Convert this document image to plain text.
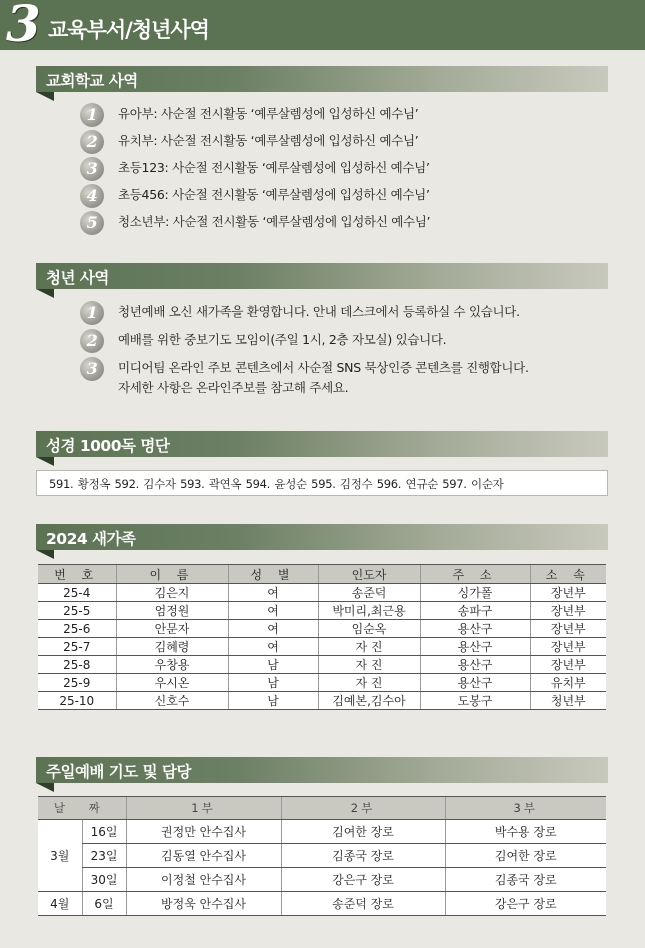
3 교육부서/청년사역
교회학교 사역
1	유아부: 사순절 전시활동 ‘예루살렘성에 입성하신 예수님’
2	유치부: 사순절 전시활동 ‘예루살렘성에 입성하신 예수님’
3	초등123: 사순절 전시활동 ‘예루살렘성에 입성하신 예수님’
4	초등456: 사순절 전시활동 ‘예루살렘성에 입성하신 예수님’
5	청소년부: 사순절 전시활동 ‘예루살렘성에 입성하신 예수님’
청년 사역
1	청년예배 오신 새가족을 환영합니다. 안내 데스크에서 등록하실 수 있습니다.
2	예배를 위한 중보기도 모임이(주일 1시, 2층 자모실) 있습니다.
3	미디어팀 온라인 주보 콘텐츠에서 사순절 SNS 묵상인증 콘텐츠를 진행합니다.
자세한 사항은 온라인주보를 참고해 주세요.
성경 1000독 명단
591. 황정옥 592. 김수자 593. 곽연옥 594. 윤성순 595. 김정수 596. 연규순 597. 이순자
2024 새가족
번 호	이 름	성 별	인도자	주 소	소 속
25-4	김은지	여	송준덕	싱가폴	장년부
25-5	엄정원	여	박미리,최근용	송파구	장년부
25-6	안문자	여	임순옥	용산구	장년부
25-7	김혜령	여	자 진	용산구	장년부
25-8	우창용	남	자 진	용산구	장년부
25-9	우시온	남	자 진	용산구	유치부
25-10	신호수	남	김예본,김수아	도봉구	청년부
주일예배 기도 및 담당
날 짜		1부	2부	3부
3월	16일	권정만 안수집사	김여한 장로	박수용 장로
	23일	김동열 안수집사	김종국 장로	김여한 장로
	30일	이정철 안수집사	강은구 장로	김종국 장로
4월	6일	방정욱 안수집사	송준덕 장로	강은구 장로
